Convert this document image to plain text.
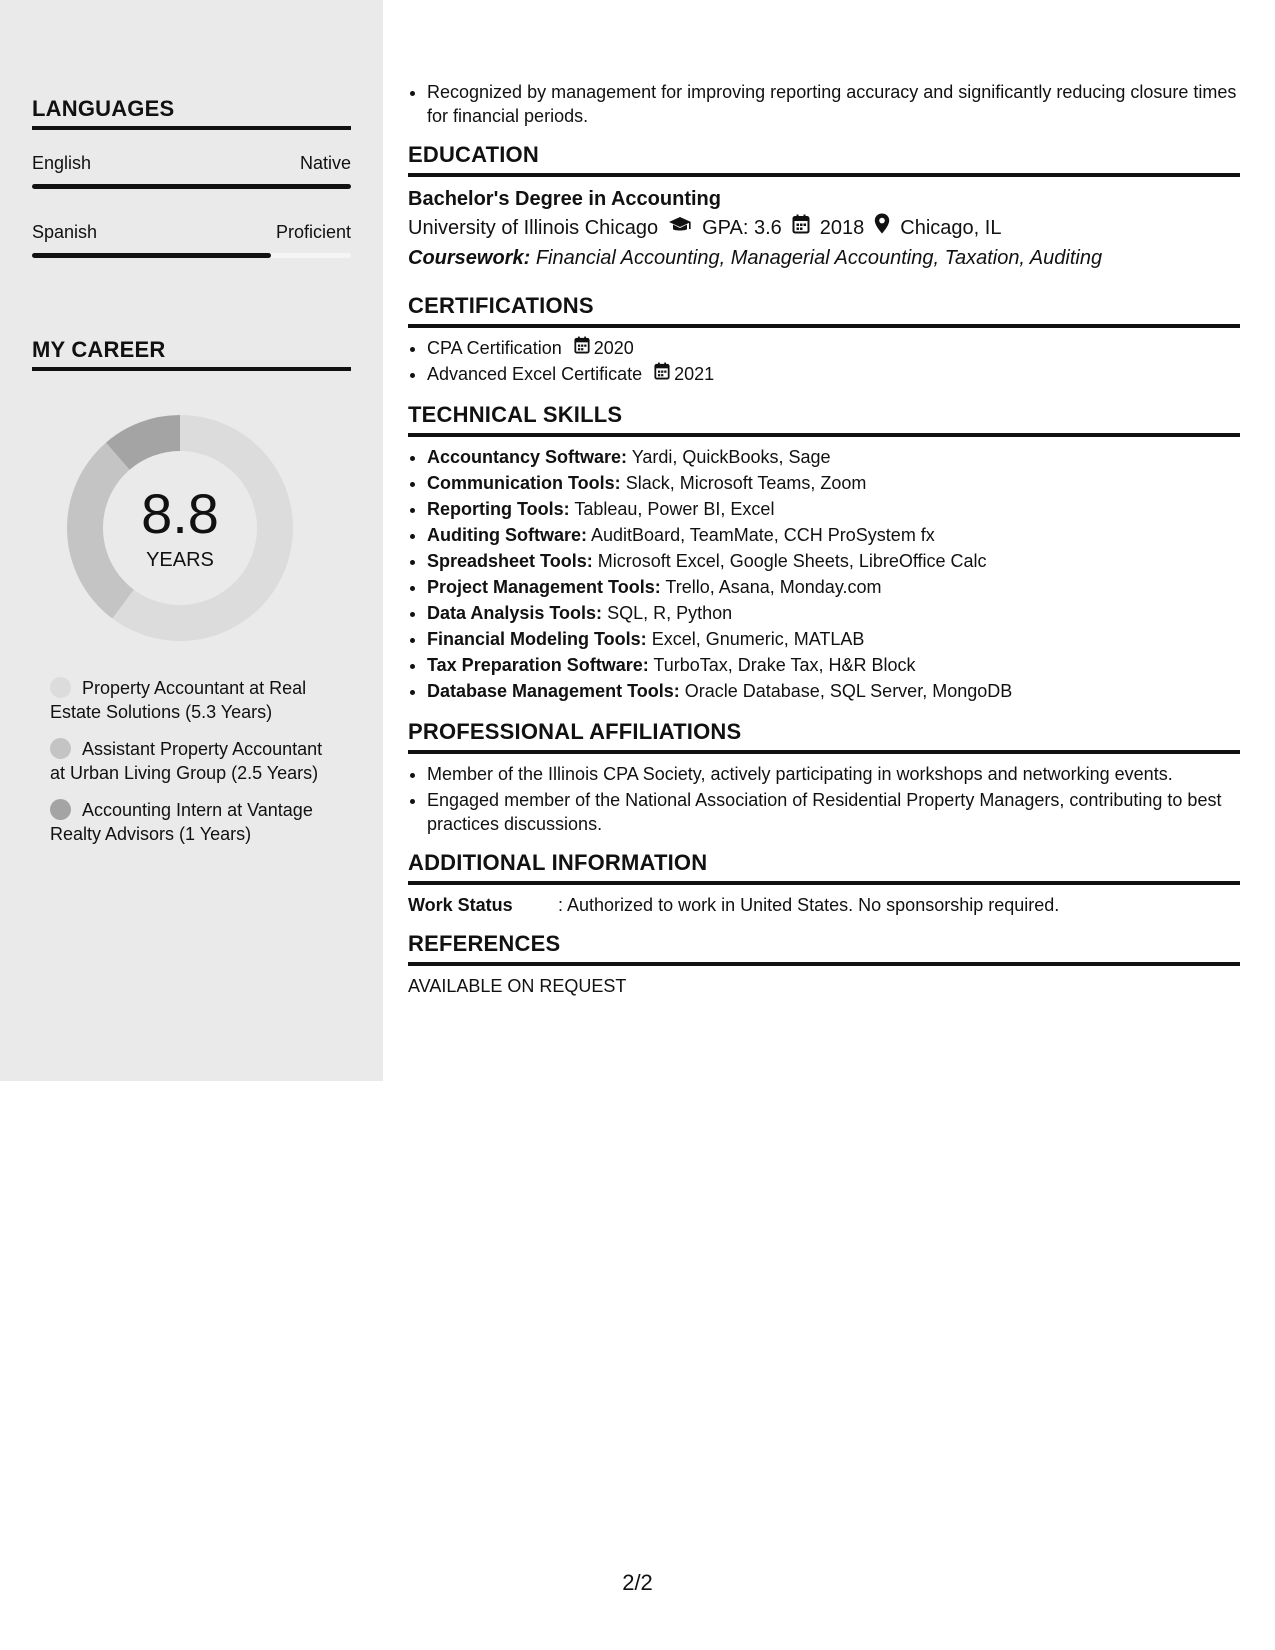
LANGUAGES
English	Native
Spanish	Proficient
MY CAREER
8.8
YEARS
Property Accountant at Real Estate Solutions (5.3 Years)
Assistant Property Accountant at Urban Living Group (2.5 Years)
Accounting Intern at Vantage Realty Advisors (1 Years)
• Recognized by management for improving reporting accuracy and significantly reducing closure times for financial periods.
EDUCATION
Bachelor's Degree in Accounting
University of Illinois Chicago GPA: 3.6 2018 Chicago, IL
Coursework: Financial Accounting, Managerial Accounting, Taxation, Auditing
CERTIFICATIONS
• CPA Certification 2020
• Advanced Excel Certificate 2021
TECHNICAL SKILLS
• Accountancy Software: Yardi, QuickBooks, Sage
• Communication Tools: Slack, Microsoft Teams, Zoom
• Reporting Tools: Tableau, Power BI, Excel
• Auditing Software: AuditBoard, TeamMate, CCH ProSystem fx
• Spreadsheet Tools: Microsoft Excel, Google Sheets, LibreOffice Calc
• Project Management Tools: Trello, Asana, Monday.com
• Data Analysis Tools: SQL, R, Python
• Financial Modeling Tools: Excel, Gnumeric, MATLAB
• Tax Preparation Software: TurboTax, Drake Tax, H&R Block
• Database Management Tools: Oracle Database, SQL Server, MongoDB
PROFESSIONAL AFFILIATIONS
• Member of the Illinois CPA Society, actively participating in workshops and networking events.
• Engaged member of the National Association of Residential Property Managers, contributing to best practices discussions.
ADDITIONAL INFORMATION
Work Status	: Authorized to work in United States. No sponsorship required.
REFERENCES
AVAILABLE ON REQUEST
2/2
